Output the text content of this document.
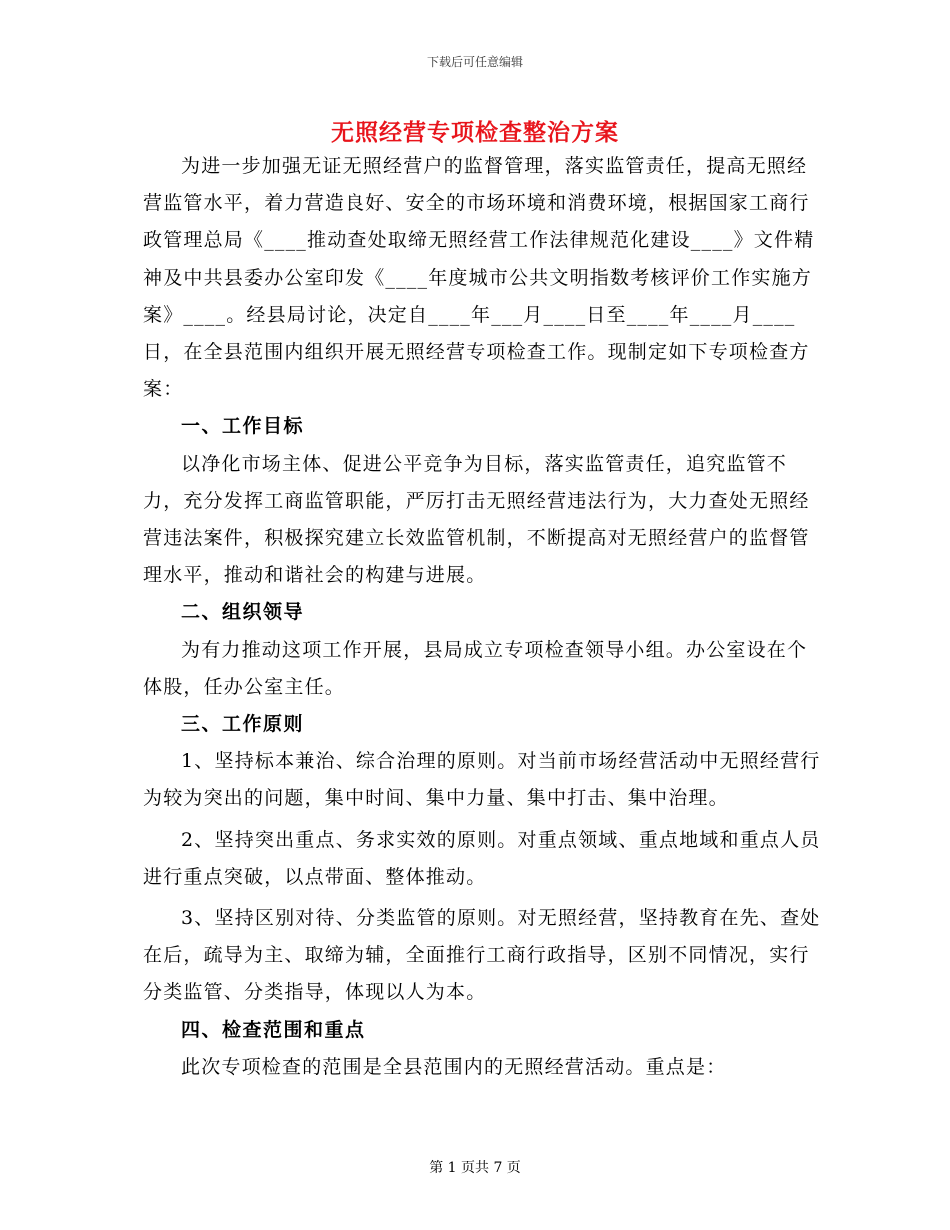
下载后可任意编辑
无照经营专项检查整治方案

为进一步加强无证无照经营户的监督管理，落实监管责任，提高无照经营监管水平，着力营造良好、安全的市场环境和消费环境，根据国家工商行政管理总局《____推动查处取缔无照经营工作法律规范化建设____》文件精神及中共县委办公室印发《____年度城市公共文明指数考核评价工作实施方案》____。经县局讨论，决定自____年___月____日至____年____月____日，在全县范围内组织开展无照经营专项检查工作。现制定如下专项检查方案：

一、工作目标

以净化市场主体、促进公平竞争为目标，落实监管责任，追究监管不力，充分发挥工商监管职能，严厉打击无照经营违法行为，大力查处无照经营违法案件，积极探究建立长效监管机制，不断提高对无照经营户的监督管理水平，推动和谐社会的构建与进展。

二、组织领导

为有力推动这项工作开展，县局成立专项检查领导小组。办公室设在个体股，任办公室主任。

三、工作原则

1、坚持标本兼治、综合治理的原则。对当前市场经营活动中无照经营行为较为突出的问题，集中时间、集中力量、集中打击、集中治理。

2、坚持突出重点、务求实效的原则。对重点领域、重点地域和重点人员进行重点突破，以点带面、整体推动。

3、坚持区别对待、分类监管的原则。对无照经营，坚持教育在先、查处在后，疏导为主、取缔为辅，全面推行工商行政指导，区别不同情况，实行分类监管、分类指导，体现以人为本。

四、检查范围和重点

此次专项检查的范围是全县范围内的无照经营活动。重点是：

第 1 页共 7 页
